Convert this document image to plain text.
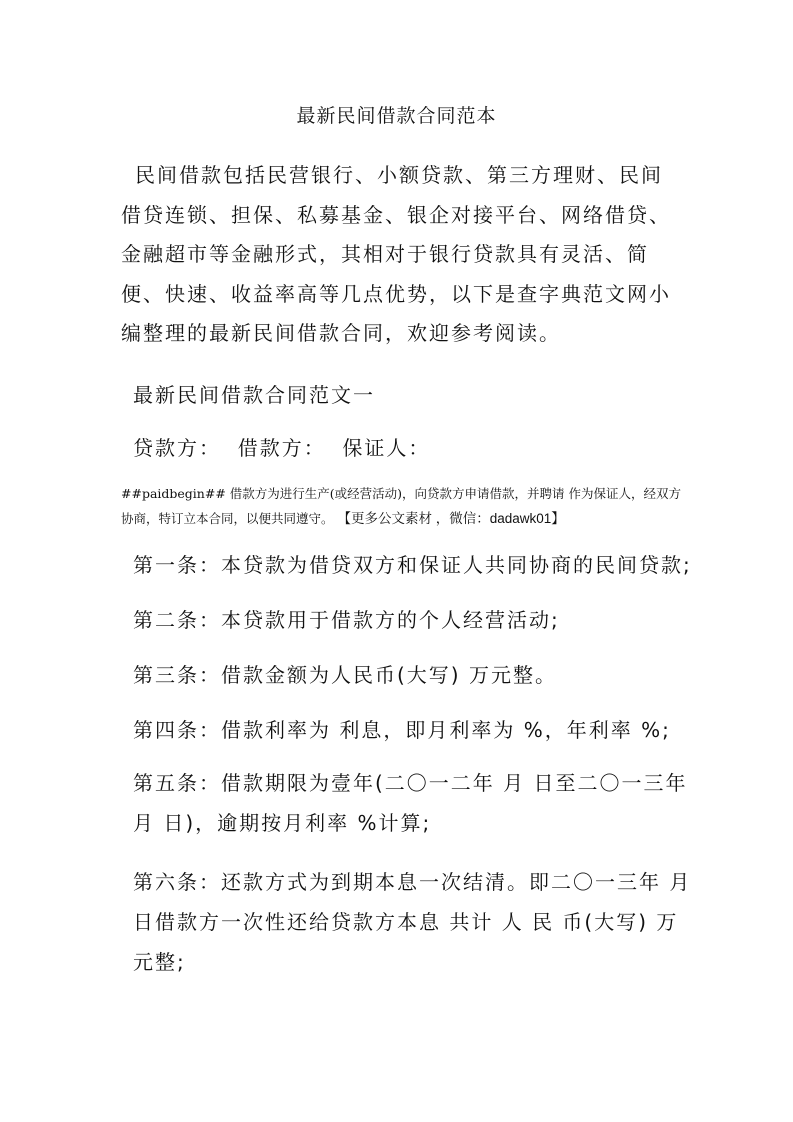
最新民间借款合同范本

民间借款包括民营银行、小额贷款、第三方理财、民间借贷连锁、担保、私募基金、银企对接平台、网络借贷、金融超市等金融形式，其相对于银行贷款具有灵活、简便、快速、收益率高等几点优势，以下是查字典范文网小编整理的最新民间借款合同，欢迎参考阅读。

最新民间借款合同范文一

贷款方：  借款方：  保证人：

##paidbegin## 借款方为进行生产(或经营活动)，向贷款方申请借款，并聘请 作为保证人，经双方协商，特订立本合同，以便共同遵守。 【更多公文素材 ，微信：dadawk01】

第一条：本贷款为借贷双方和保证人共同协商的民间贷款;

第二条：本贷款用于借款方的个人经营活动;

第三条：借款金额为人民币(大写) 万元整。

第四条：借款利率为 利息，即月利率为 %，年利率 %;

第五条：借款期限为壹年(二〇一二年 月 日至二〇一三年 月 日)，逾期按月利率 %计算;

第六条：还款方式为到期本息一次结清。即二〇一三年 月 日借款方一次性还给贷款方本息 共计 人 民 币(大写) 万元整;
